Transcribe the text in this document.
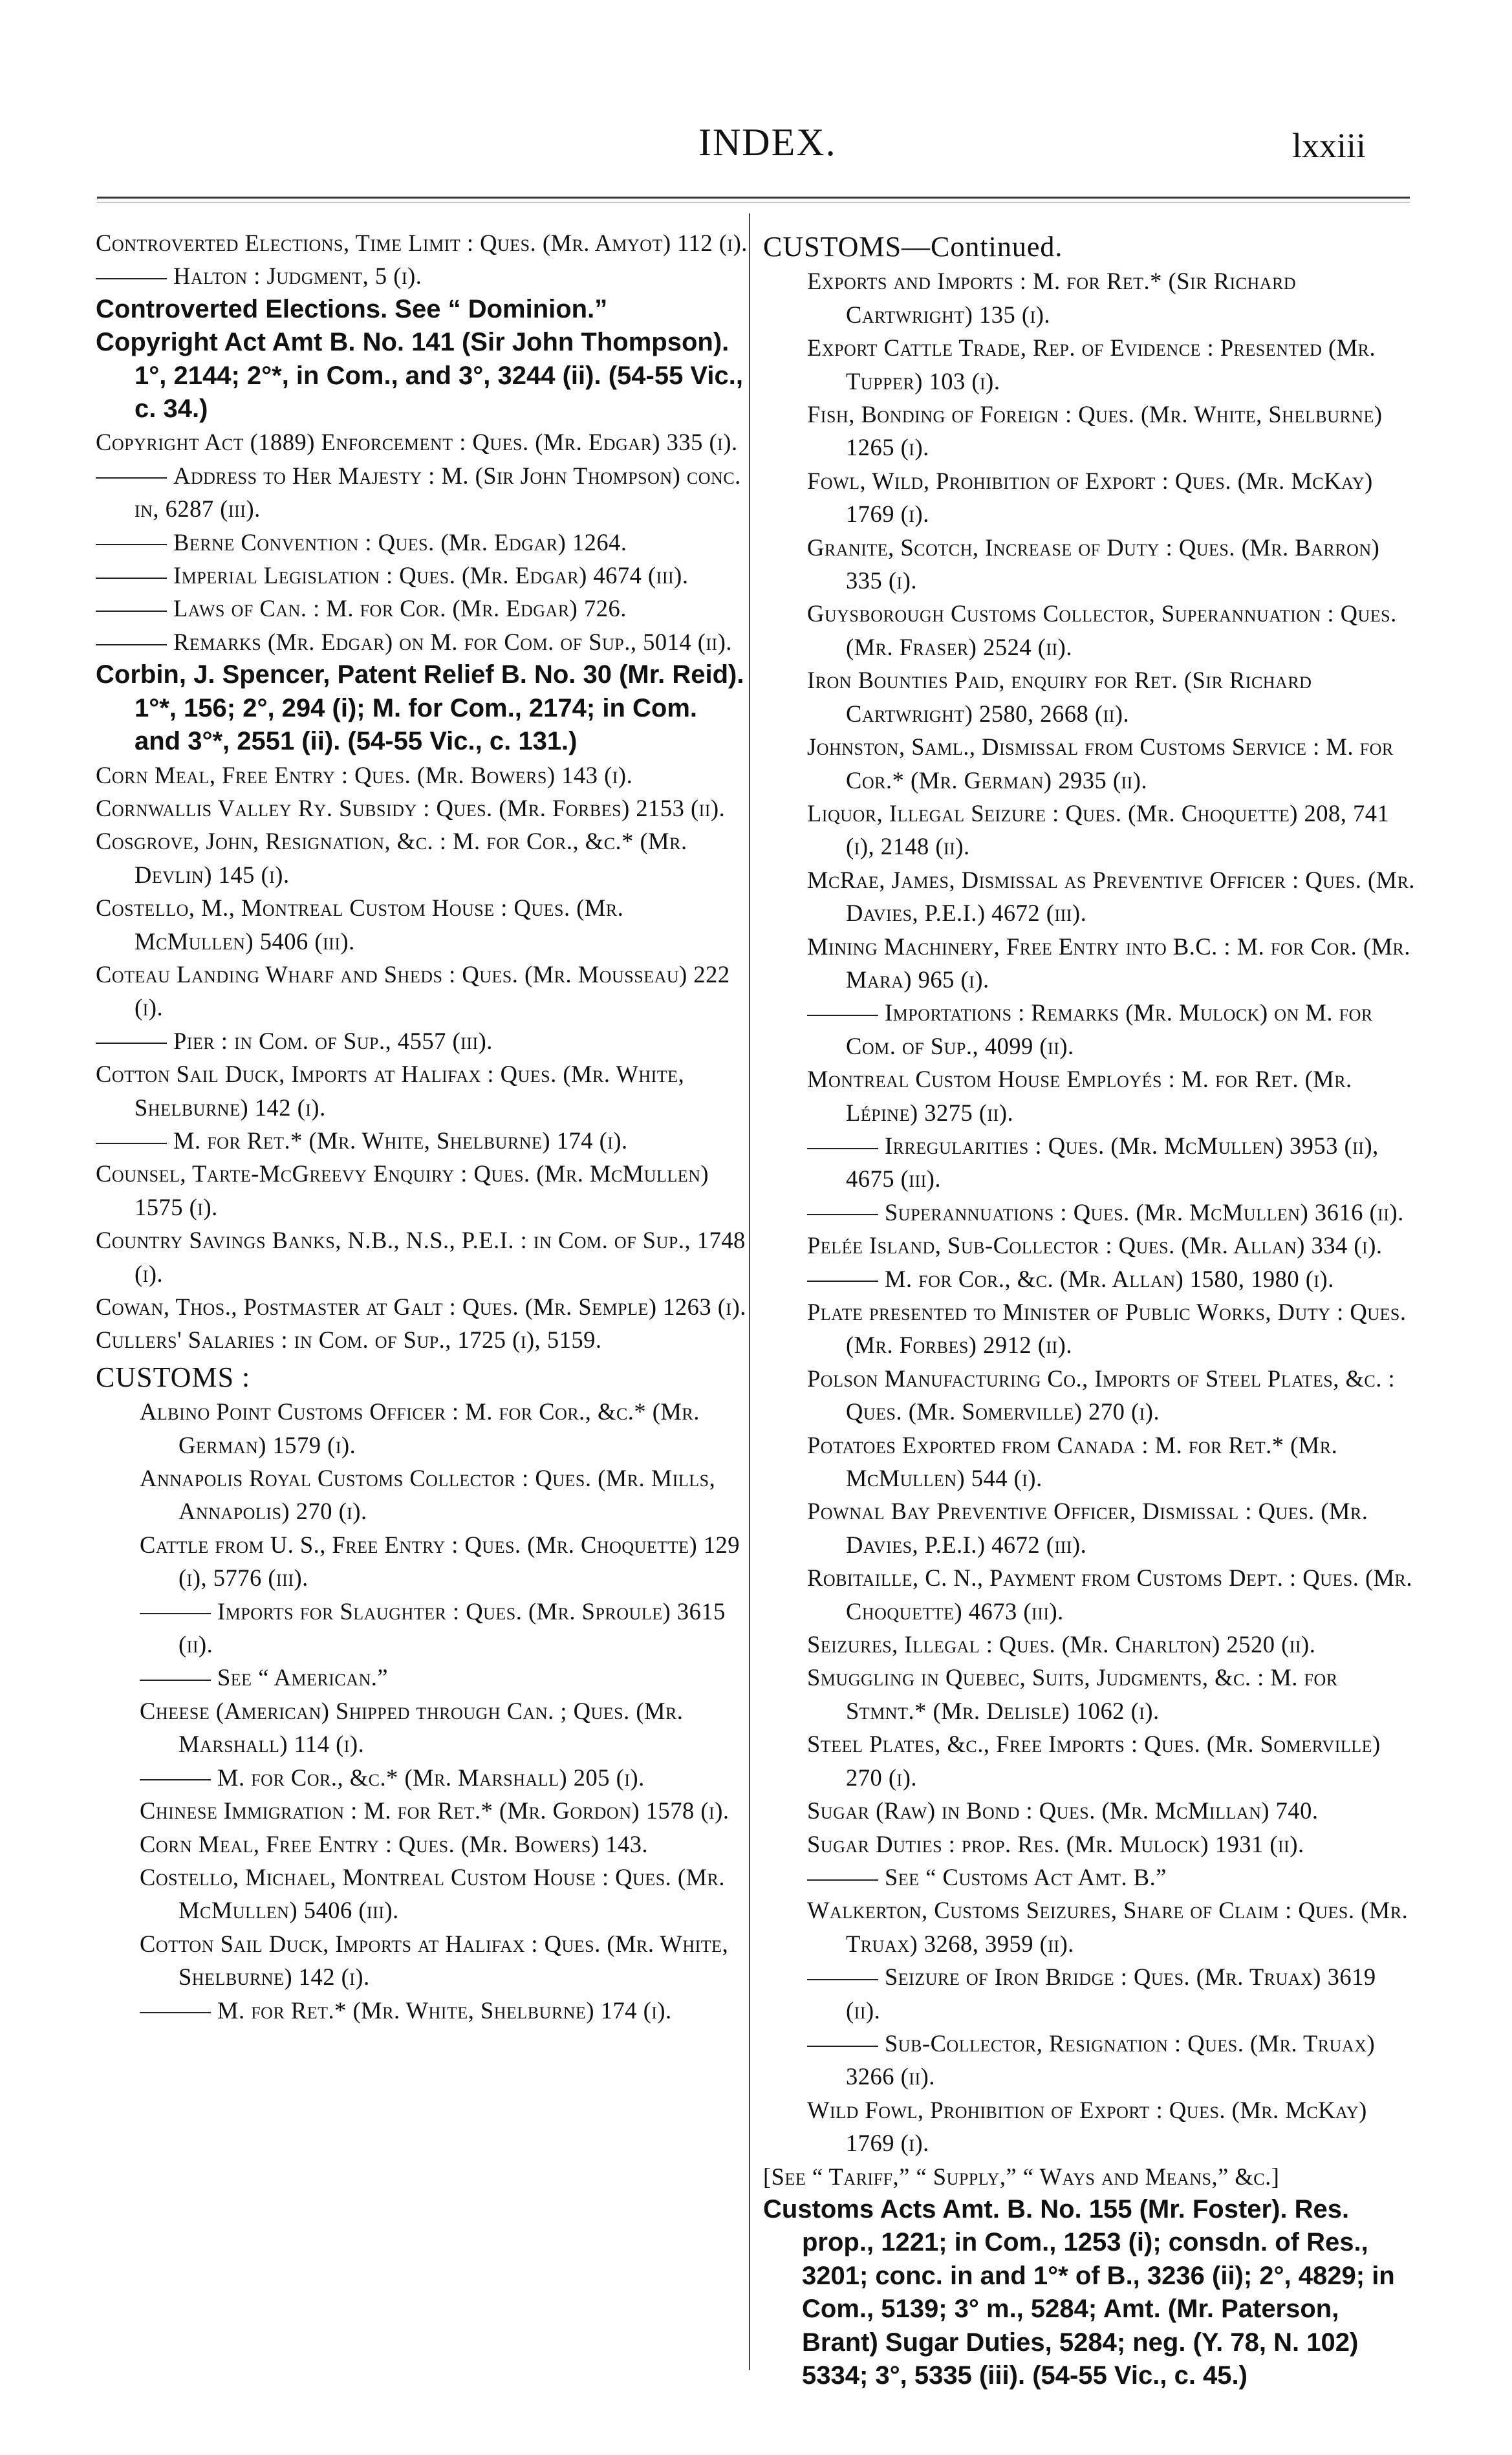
INDEX.	lxxiii

Controverted Elections, Time Limit : Ques. (Mr. Amyot) 112 (i).

Halton : Judgment, 5 (i).

Controverted Elections. See “ Dominion.”

Copyright Act Amt B. No. 141 (Sir John Thompson). 1°, 2144; 2°*, in Com., and 3°, 3244 (ii). (54-55 Vic., c. 34.)

Copyright Act (1889) Enforcement : Ques. (Mr. Edgar) 335 (i).

Address to Her Majesty : M. (Sir John Thompson) conc. in, 6287 (iii).

Berne Convention : Ques. (Mr. Edgar) 1264.

Imperial Legislation : Ques. (Mr. Edgar) 4674 (iii).

Laws of Can. : M. for Cor. (Mr. Edgar) 726.

Remarks (Mr. Edgar) on M. for Com. of Sup., 5014 (ii).

Corbin, J. Spencer, Patent Relief B. No. 30 (Mr. Reid). 1°*, 156; 2°, 294 (i); M. for Com., 2174; in Com. and 3°*, 2551 (ii). (54-55 Vic., c. 131.)

Corn Meal, Free Entry : Ques. (Mr. Bowers) 143 (i).

Cornwallis Valley Ry. Subsidy : Ques. (Mr. Forbes) 2153 (ii).

Cosgrove, John, Resignation, &c. : M. for Cor., &c.* (Mr. Devlin) 145 (i).

Costello, M., Montreal Custom House : Ques. (Mr. McMullen) 5406 (iii).

Coteau Landing Wharf and Sheds : Ques. (Mr. Mousseau) 222 (i).

Pier : in Com. of Sup., 4557 (iii).

Cotton Sail Duck, Imports at Halifax : Ques. (Mr. White, Shelburne) 142 (i).

M. for Ret.* (Mr. White, Shelburne) 174 (i).

Counsel, Tarte-McGreevy Enquiry : Ques. (Mr. McMullen) 1575 (i).

Country Savings Banks, N.B., N.S., P.E.I. : in Com. of Sup., 1748 (i).

Cowan, Thos., Postmaster at Galt : Ques. (Mr. Semple) 1263 (i).

Cullers' Salaries : in Com. of Sup., 1725 (i), 5159.

CUSTOMS :

Albino Point Customs Officer : M. for Cor., &c.* (Mr. German) 1579 (i).

Annapolis Royal Customs Collector : Ques. (Mr. Mills, Annapolis) 270 (i).

Cattle from U. S., Free Entry : Ques. (Mr. Choquette) 129 (i), 5776 (iii).

Imports for Slaughter : Ques. (Mr. Sproule) 3615 (ii).

See “ American.”

Cheese (American) Shipped through Can. ; Ques. (Mr. Marshall) 114 (i).

M. for Cor., &c.* (Mr. Marshall) 205 (i).

Chinese Immigration : M. for Ret.* (Mr. Gordon) 1578 (i).

Corn Meal, Free Entry : Ques. (Mr. Bowers) 143.

Costello, Michael, Montreal Custom House : Ques. (Mr. McMullen) 5406 (iii).

Cotton Sail Duck, Imports at Halifax : Ques. (Mr. White, Shelburne) 142 (i).

M. for Ret.* (Mr. White, Shelburne) 174 (i).

CUSTOMS—Continued.

Exports and Imports : M. for Ret.* (Sir Richard Cartwright) 135 (i).

Export Cattle Trade, Rep. of Evidence : Presented (Mr. Tupper) 103 (i).

Fish, Bonding of Foreign : Ques. (Mr. White, Shelburne) 1265 (i).

Fowl, Wild, Prohibition of Export : Ques. (Mr. McKay) 1769 (i).

Granite, Scotch, Increase of Duty : Ques. (Mr. Barron) 335 (i).

Guysborough Customs Collector, Superannuation : Ques. (Mr. Fraser) 2524 (ii).

Iron Bounties Paid, enquiry for Ret. (Sir Richard Cartwright) 2580, 2668 (ii).

Johnston, Saml., Dismissal from Customs Service : M. for Cor.* (Mr. German) 2935 (ii).

Liquor, Illegal Seizure : Ques. (Mr. Choquette) 208, 741 (i), 2148 (ii).

McRae, James, Dismissal as Preventive Officer : Ques. (Mr. Davies, P.E.I.) 4672 (iii).

Mining Machinery, Free Entry into B.C. : M. for Cor. (Mr. Mara) 965 (i).

Importations : Remarks (Mr. Mulock) on M. for Com. of Sup., 4099 (ii).

Montreal Custom House Employés : M. for Ret. (Mr. Lépine) 3275 (ii).

Irregularities : Ques. (Mr. McMullen) 3953 (ii), 4675 (iii).

Superannuations : Ques. (Mr. McMullen) 3616 (ii).

Pelée Island, Sub-Collector : Ques. (Mr. Allan) 334 (i).

M. for Cor., &c. (Mr. Allan) 1580, 1980 (i).

Plate presented to Minister of Public Works, Duty : Ques. (Mr. Forbes) 2912 (ii).

Polson Manufacturing Co., Imports of Steel Plates, &c. : Ques. (Mr. Somerville) 270 (i).

Potatoes Exported from Canada : M. for Ret.* (Mr. McMullen) 544 (i).

Pownal Bay Preventive Officer, Dismissal : Ques. (Mr. Davies, P.E.I.) 4672 (iii).

Robitaille, C. N., Payment from Customs Dept. : Ques. (Mr. Choquette) 4673 (iii).

Seizures, Illegal : Ques. (Mr. Charlton) 2520 (ii).

Smuggling in Quebec, Suits, Judgments, &c. : M. for Stmnt.* (Mr. Delisle) 1062 (i).

Steel Plates, &c., Free Imports : Ques. (Mr. Somerville) 270 (i).

Sugar (Raw) in Bond : Ques. (Mr. McMillan) 740.

Sugar Duties : prop. Res. (Mr. Mulock) 1931 (ii).

See “ Customs Act Amt. B.”

Walkerton, Customs Seizures, Share of Claim : Ques. (Mr. Truax) 3268, 3959 (ii).

Seizure of Iron Bridge : Ques. (Mr. Truax) 3619 (ii).

Sub-Collector, Resignation : Ques. (Mr. Truax) 3266 (ii).

Wild Fowl, Prohibition of Export : Ques. (Mr. McKay) 1769 (i).

[See “ Tariff,” “ Supply,” “ Ways and Means,” &c.]

Customs Acts Amt. B. No. 155 (Mr. Foster). Res. prop., 1221; in Com., 1253 (i); consdn. of Res., 3201; conc. in and 1°* of B., 3236 (ii); 2°, 4829; in Com., 5139; 3° m., 5284; Amt. (Mr. Paterson, Brant) Sugar Duties, 5284; neg. (Y. 78, N. 102) 5334; 3°, 5335 (iii). (54-55 Vic., c. 45.)
